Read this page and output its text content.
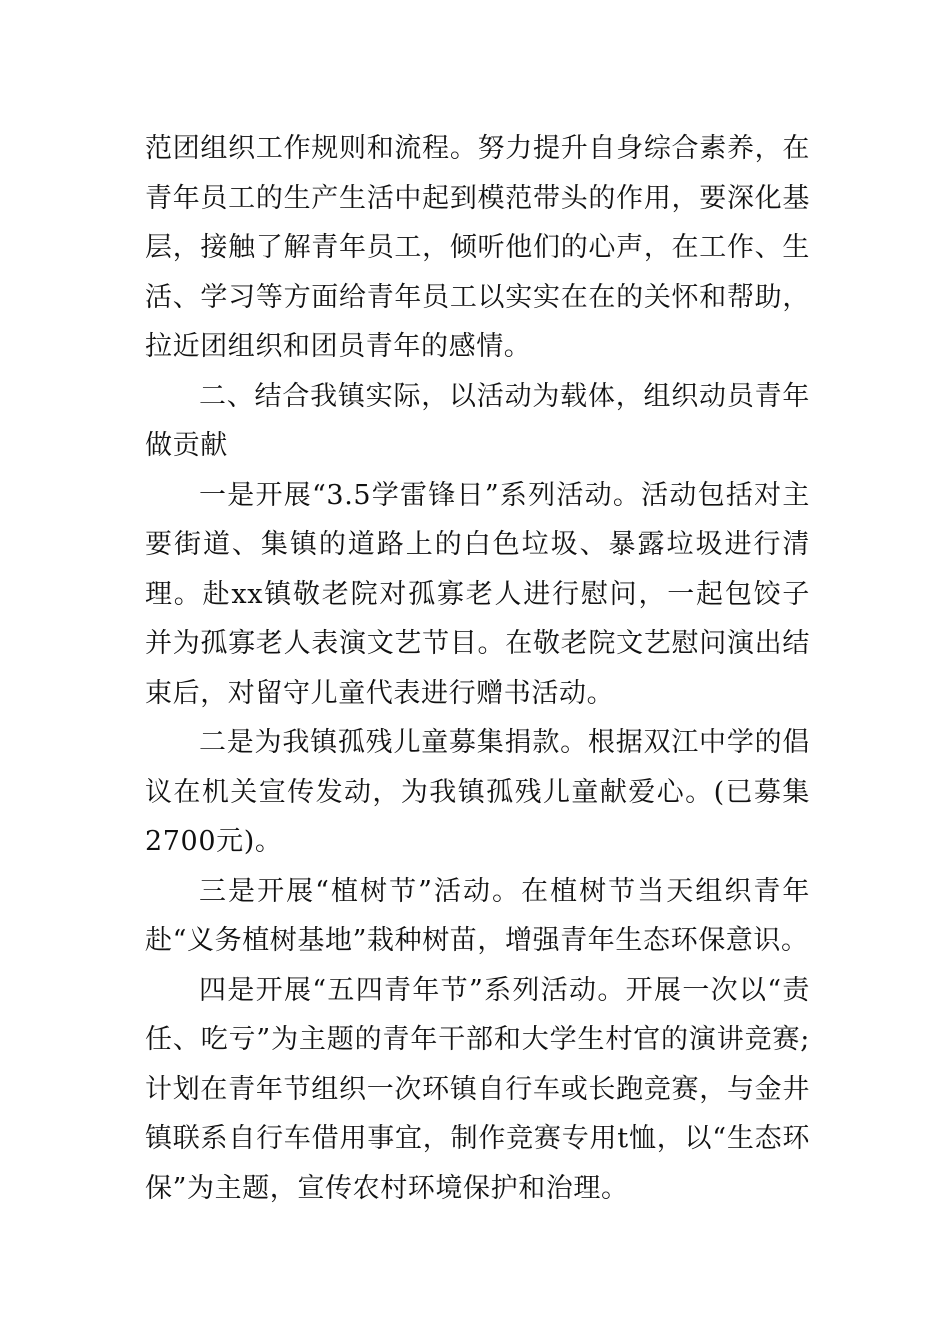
范团组织工作规则和流程。努力提升自身综合素养，在青年员工的生产生活中起到模范带头的作用，要深化基层，接触了解青年员工，倾听他们的心声，在工作、生活、学习等方面给青年员工以实实在在的关怀和帮助，拉近团组织和团员青年的感情。

二、结合我镇实际，以活动为载体，组织动员青年做贡献

一是开展“3.5学雷锋日”系列活动。活动包括对主要街道、集镇的道路上的白色垃圾、暴露垃圾进行清理。赴xx镇敬老院对孤寡老人进行慰问，一起包饺子并为孤寡老人表演文艺节目。在敬老院文艺慰问演出结束后，对留守儿童代表进行赠书活动。

二是为我镇孤残儿童募集捐款。根据双江中学的倡议在机关宣传发动，为我镇孤残儿童献爱心。(已募集2700元)。

三是开展“植树节”活动。在植树节当天组织青年赴“义务植树基地”栽种树苗，增强青年生态环保意识。

四是开展“五四青年节”系列活动。开展一次以“责任、吃亏”为主题的青年干部和大学生村官的演讲竞赛;计划在青年节组织一次环镇自行车或长跑竞赛，与金井镇联系自行车借用事宜，制作竞赛专用t恤，以“生态环保”为主题，宣传农村环境保护和治理。
